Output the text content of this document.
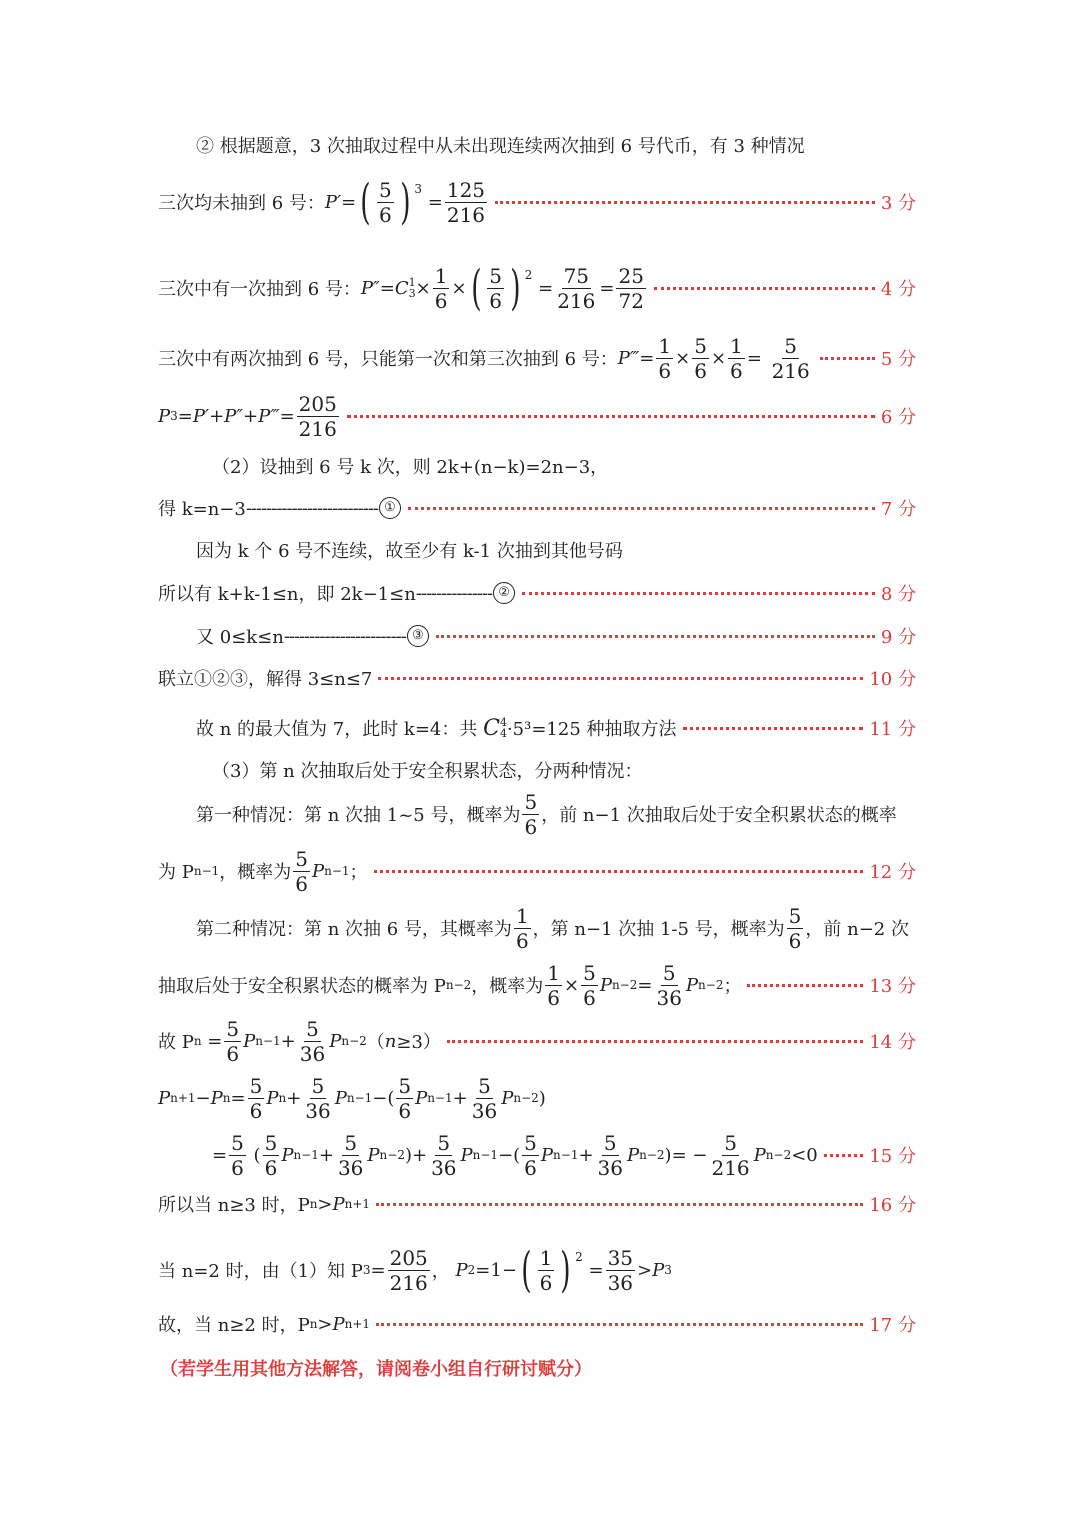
② 根据题意，3 次抽取过程中从未出现连续两次抽到 6 号代币，有 3 种情况
三次均未抽到 6 号： P′ = ( $\frac{5}{6}$ ) 3
= $\frac{125}{216}$	3 分
三次中有一次抽到 6 号： P″ = C 1
$3 \times \frac{1}{6}$ × ( $\frac{5}{6}$ ) 2
= $\frac{75}{216} = \frac{25}{72}$	4 分
三次中有两次抽到 6 号，只能第一次和第三次抽到 6 号： P‴ = $\frac{1}{6} \times \frac{5}{6} \times \frac{1}{6} = \frac{5}{216}$	5 分
P 3 = P′ + P″ + P‴ = $\frac{205}{216}$	6 分
（2）设抽到 6 号 k 次，则 2k+(n−k)=2n−3，
得 k=n−3 -------------------------- ①	7 分
因为 k 个 6 号不连续，故至少有 k-1 次抽到其他号码
所以有 k+k-1≤n，即 2k−1≤n --------------- ②	8 分
又 0≤k≤n ------------------------ ③	9 分
联立①②③，解得 3≤n≤7	10 分
故 n 的最大值为 7，此时 k=4：共
C 4
4 ·5³=125 种抽取方法	11 分
（3）第 n 次抽取后处于安全积累状态，分两种情况：
第一种情况：第 n 次抽 1~5 号，概率为 $\frac{5}{6}$ ，前 n−1 次抽取后处于安全积累状态的概率
为 P n−1 ，概率为 $\frac{5}{6}$ P n−1 ；	12 分
第二种情况：第 n 次抽 6 号，其概率为 $\frac{1}{6}$ ，第 n−1 次抽 1-5 号，概率为 $\frac{5}{6}$ ，前 n−2 次
抽取后处于安全积累状态的概率为 P n−2 ，概率为 $\frac{1}{6} \times \frac{5}{6}$ P $n-2 = \frac{5}{36}$ P n−2 ；	13 分
故 P $n = \frac{5}{6}$ P $n-1 + \frac{5}{36}$ P n−2 （ n ≥3）	14 分
P n+1 − P $n = \frac{5}{6}$ P $n + \frac{5}{36}$ P n−1 −( $\frac{5}{6}$ P $n-1 + \frac{5}{36}$ P n−2 )
= $\frac{5}{6}$ ( $\frac{5}{6}$ P $n-1 + \frac{5}{36}$ P n−2 )+ $\frac{5}{36}$ P n−1 −( $\frac{5}{6}$ P $n-1 + \frac{5}{36}$ P n−2 )= − $\frac{5}{216}$ P n−2 <0	15 分
所以当 n≥3 时，P n > P n+1	16 分
当 n=2 时，由（1）知 P $3 = \frac{205}{216}$ ， P 2 =1− ( $\frac{1}{6}$ ) 2
= $\frac{35}{36} > P$ 3
故，当 n≥2 时，P n > P n+1	17 分
（若学生用其他方法解答，请阅卷小组自行研讨赋分）
